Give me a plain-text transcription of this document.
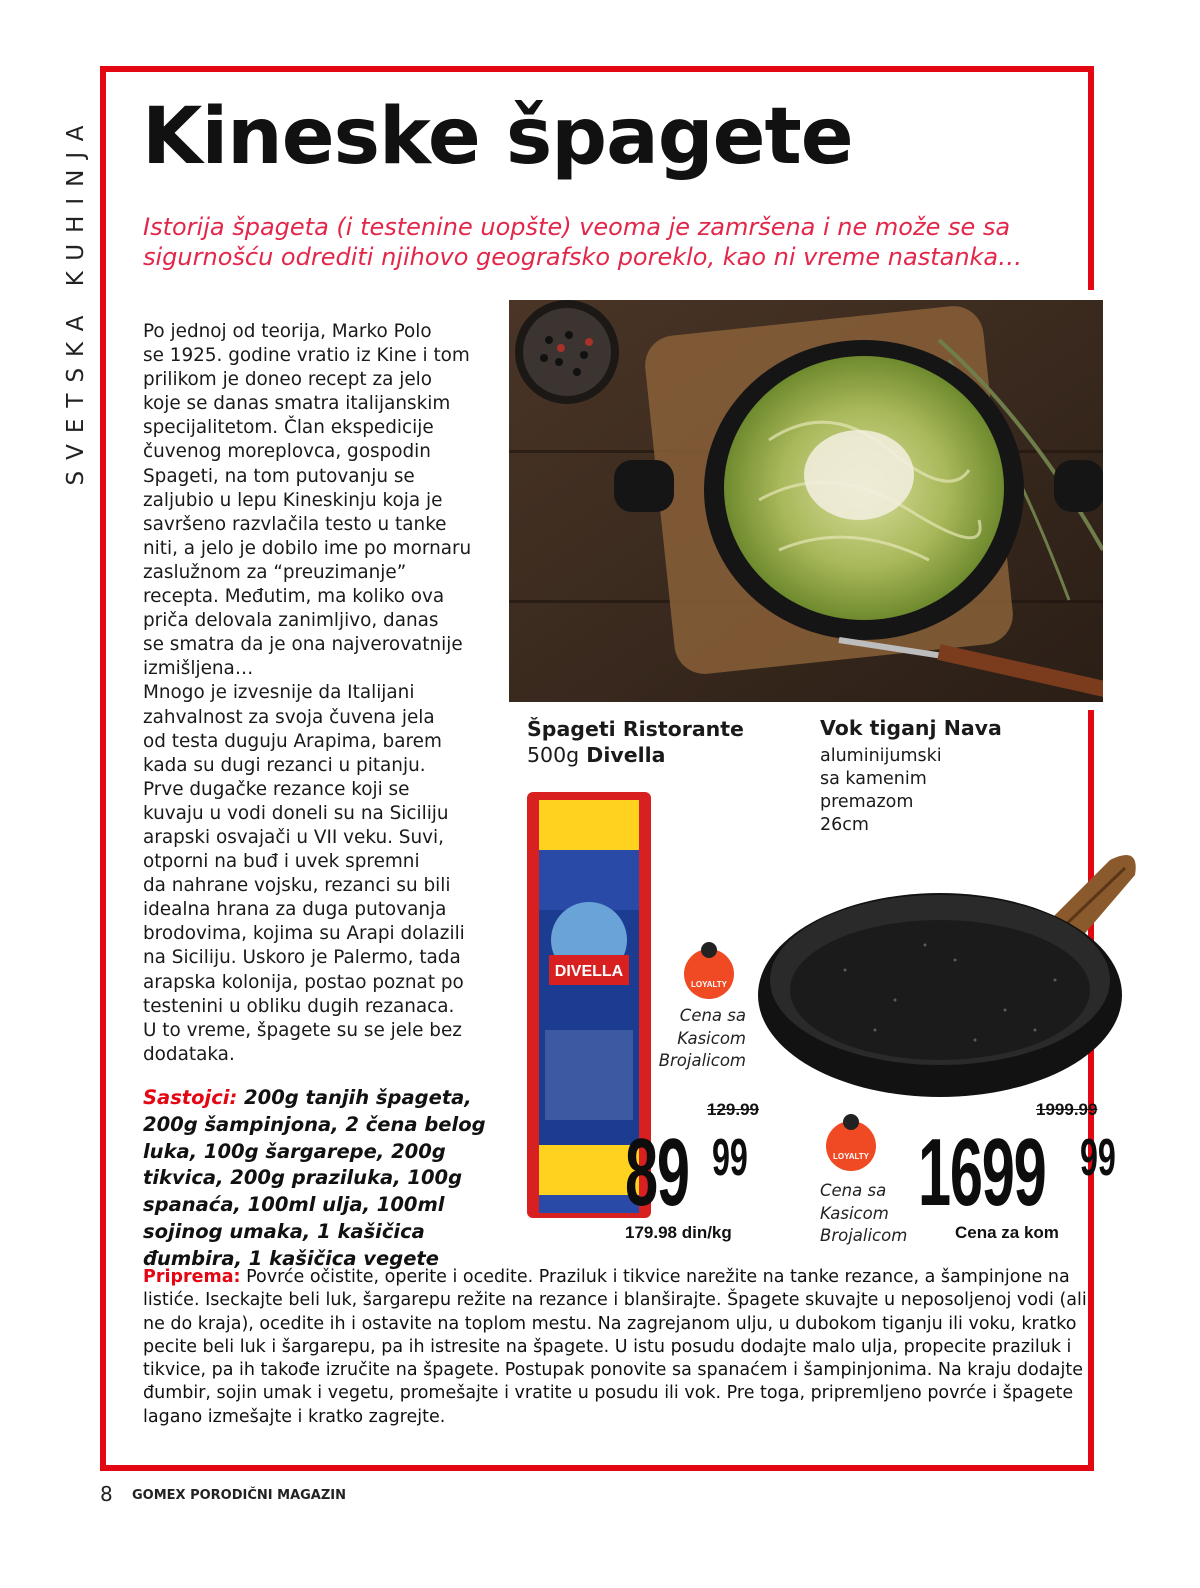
SVETSKA KUHINJA Kineske špagete

Istorija špageta (i testenine uopšte) veoma je zamršena i ne može se sa sigurnošću odrediti njihovo geografsko poreklo, kao ni vreme nastanka…

Po jednoj od teorija, Marko Polo
se 1925. godine vratio iz Kine i tom
prilikom je doneo recept za jelo
koje se danas smatra italijanskim
specijalitetom. Član ekspedicije
čuvenog moreplovca, gospodin
Spageti, na tom putovanju se
zaljubio u lepu Kineskinju koja je
savršeno razvlačila testo u tanke
niti, a jelo je dobilo ime po mornaru
zaslužnom za “preuzimanje”
recepta. Međutim, ma koliko ova
priča delovala zanimljivo, danas
se smatra da je ona najverovatnije
izmišljena…
Mnogo je izvesnije da Italijani
zahvalnost za svoja čuvena jela
od testa duguju Arapima, barem
kada su dugi rezanci u pitanju.
Prve dugačke rezance koji se
kuvaju u vodi doneli su na Siciliju
arapski osvajači u VII veku. Suvi,
otporni na buđ i uvek spremni
da nahrane vojsku, rezanci su bili
idealna hrana za duga putovanja
brodovima, kojima su Arapi dolazili
na Siciliju. Uskoro je Palermo, tada
arapska kolonija, postao poznat po
testenini u obliku dugih rezanaca.
U to vreme, špagete su se jele bez
dodataka.

Špageti Ristorante
500g Divella
DIVELLA
LOYALTY
Cena sa
Kasicom
Brojalicom
129.99
89 99
179.98 din/kg
Vok tiganj Nava
aluminijumski
sa kamenim
premazom
26cm
LOYALTY
Cena sa
Kasicom
Brojalicom
1999.99
1699 99
Cena za kom

Sastojci: 200g tanjih špageta, 200g šampinjona, 2 čena belog luka, 100g šargarepe, 200g tikvica, 200g praziluka, 100g spanaća, 100ml ulja, 100ml sojinog umaka, 1 kašičica đumbira, 1 kašičica vegete

Priprema: Povrće očistite, operite i ocedite. Praziluk i tikvice narežite na tanke rezance, a šampinjone na listiće. Iseckajte beli luk, šargarepu režite na rezance i blanširajte. Špagete skuvajte u neposoljenoj vodi (ali ne do kraja), ocedite ih i ostavite na toplom mestu. Na zagrejanom ulju, u dubokom tiganju ili voku, kratko pecite beli luk i šargarepu, pa ih istresite na špagete. U istu posudu dodajte malo ulja, propecite praziluk i tikvice, pa ih takođe izručite na špagete. Postupak ponovite sa spanaćem i šampinjonima. Na kraju dodajte đumbir, sojin umak i vegetu, promešajte i vratite u posudu ili vok. Pre toga, pripremljeno povrće i špagete lagano izmešajte i kratko zagrejte.

8 GOMEX PORODIČNI MAGAZIN
